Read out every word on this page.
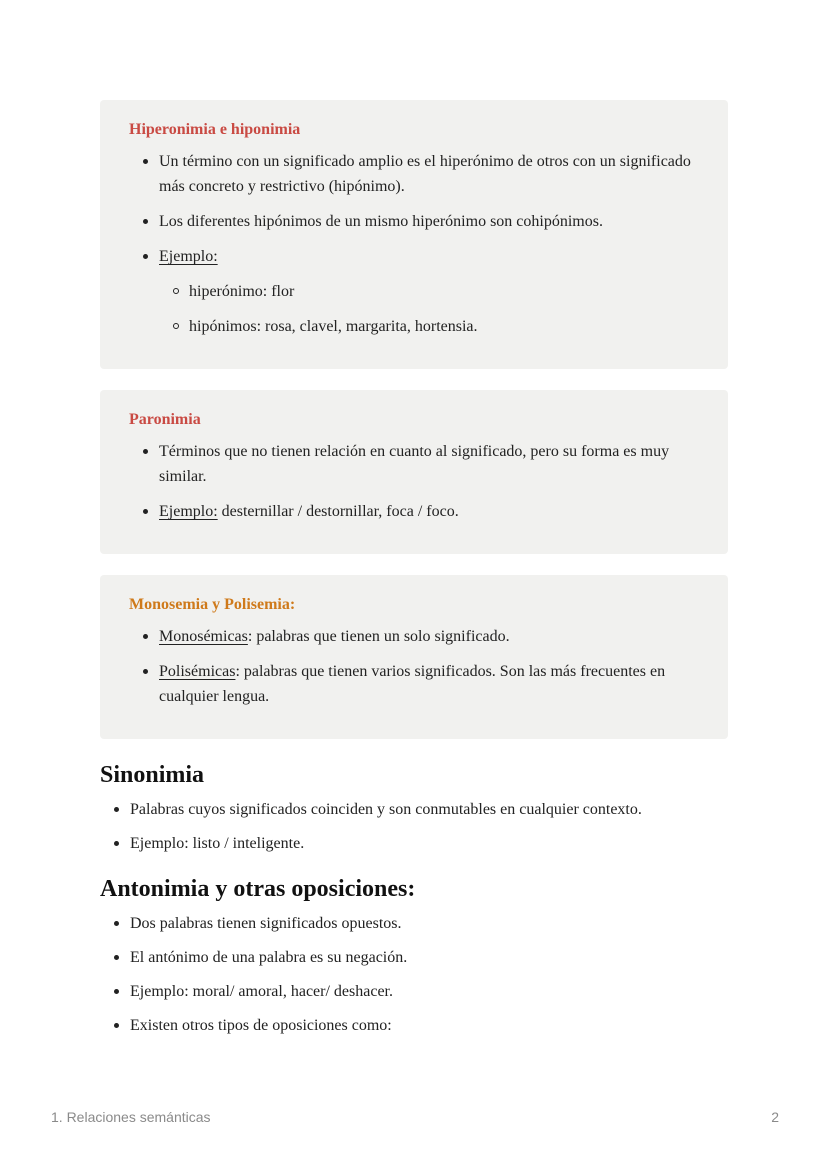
Hiperonimia e hiponimia
Un término con un significado amplio es el hiperónimo de otros con un significado más concreto y restrictivo (hipónimo).
Los diferentes hipónimos de un mismo hiperónimo son cohipónimos.
Ejemplo:
hiperónimo: flor
hipónimos: rosa, clavel, margarita, hortensia.
Paronimia
Términos que no tienen relación en cuanto al significado, pero su forma es muy similar.
Ejemplo: desternillar / destornillar, foca / foco.
Monosemia y Polisemia:
Monosémicas: palabras que tienen un solo significado.
Polisémicas: palabras que tienen varios significados. Son las más frecuentes en cualquier lengua.
Sinonimia
Palabras cuyos significados coinciden y son conmutables en cualquier contexto.
Ejemplo: listo / inteligente.
Antonimia y otras oposiciones:
Dos palabras tienen significados opuestos.
El antónimo de una palabra es su negación.
Ejemplo: moral/ amoral, hacer/ deshacer.
Existen otros tipos de oposiciones como:
1. Relaciones semánticas	2
